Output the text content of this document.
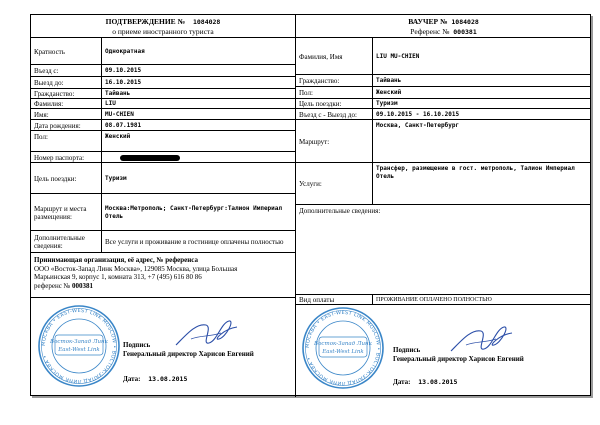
ПОДТВЕРЖДЕНИЕ № 1084028
о приеме иностранного туриста
Кратность	Однократная
Въезд с:	09.10.2015
Выезд до:	16.10.2015
Гражданство:	Тайвань
Фамилия:	LIU
Имя:	MU-CHIEN
Дата рождения:	08.07.1981
Пол:	Женский
Номер паспорта:
Цель поездки:	Туризм
Маршрут и места размещения:
Москва:Метрополь; Санкт-Петербург:Талион Империал Отель
Дополнительные сведения:	Все услуги и проживание в гостинице оплачены полностью
Принимающая организация, её адрес, № референса
ООО «Восток-Запад Линк Москва», 129085 Москва, улица Большая
Марьинская 9, корпус 1, комната 313, +7 (495) 616 80 86
референс № 000381
МОСКВА • EAST-WEST LINK MOSCOW • ВОСТОК-ЗАПАД ЛИНК МОСКВА •
Восток-Запад Линк
East-West Link
Подпись
Генеральный директор Харисов Евгений
Дата: 13.08.2015
ВАУЧЕР № 1084028
Референс № 000381
Фамилия, Имя	LIU MU-CHIEN
Гражданство:	Тайвань
Пол:	Женский
Цель поездки:	Туризм
Въезд с - Выезд до:	09.10.2015 - 16.10.2015
Маршрут:
Москва, Санкт-Петербург
Услуги:
Трансфер, размещение в гост. метрополь, Талион Империал Отель
Дополнительные сведения:
Вид оплаты	ПРОЖИВАНИЕ ОПЛАЧЕНО ПОЛНОСТЬЮ
МОСКВА • EAST-WEST LINK MOSCOW • ВОСТОК-ЗАПАД ЛИНК МОСКВА •
Восток-Запад Линк
East-West Link	Подпись
Генеральный директор Харисов Евгений
Дата: 13.08.2015
